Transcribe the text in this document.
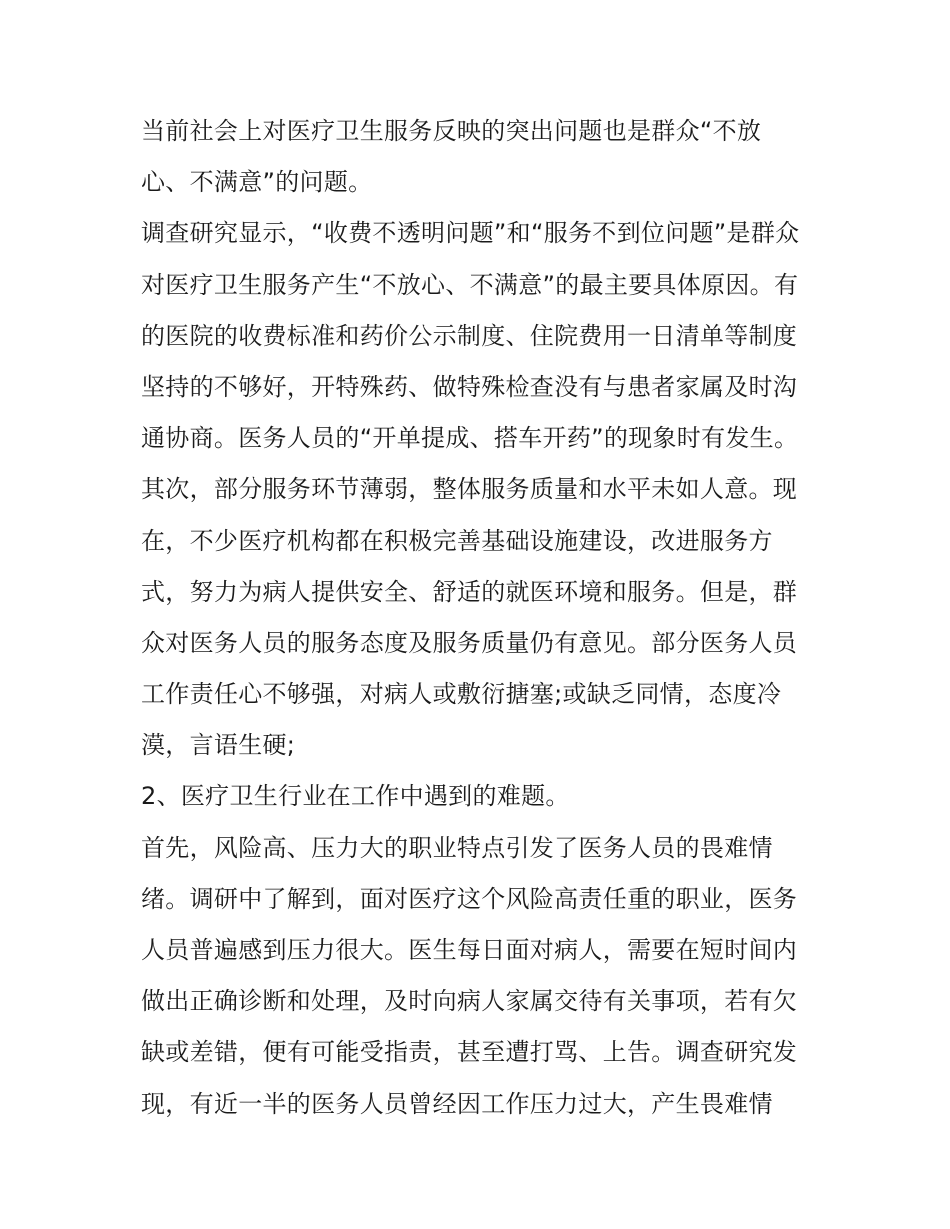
当前社会上对医疗卫生服务反映的突出问题也是群众“不放
心、不满意”的问题。
调查研究显示，“收费不透明问题”和“服务不到位问题”是群众
对医疗卫生服务产生“不放心、不满意”的最主要具体原因。有
的医院的收费标准和药价公示制度、住院费用一日清单等制度
坚持的不够好，开特殊药、做特殊检查没有与患者家属及时沟
通协商。医务人员的“开单提成、搭车开药”的现象时有发生。
其次，部分服务环节薄弱，整体服务质量和水平未如人意。现
在，不少医疗机构都在积极完善基础设施建设，改进服务方
式，努力为病人提供安全、舒适的就医环境和服务。但是，群
众对医务人员的服务态度及服务质量仍有意见。部分医务人员
工作责任心不够强，对病人或敷衍搪塞;或缺乏同情，态度冷
漠，言语生硬;
2、医疗卫生行业在工作中遇到的难题。
首先，风险高、压力大的职业特点引发了医务人员的畏难情
绪。调研中了解到，面对医疗这个风险高责任重的职业，医务
人员普遍感到压力很大。医生每日面对病人，需要在短时间内
做出正确诊断和处理，及时向病人家属交待有关事项，若有欠
缺或差错，便有可能受指责，甚至遭打骂、上告。调查研究发
现，有近一半的医务人员曾经因工作压力过大，产生畏难情
